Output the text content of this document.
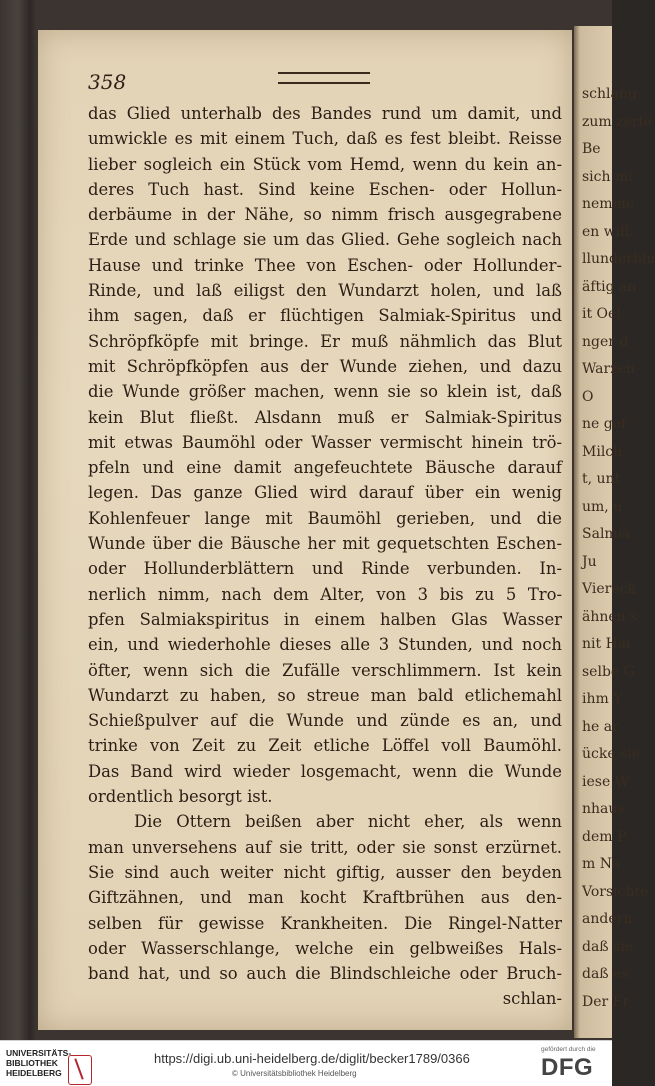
358
das Glied unterhalb des Bandes rund um damit, und
umwickle es mit einem Tuch, daß es fest bleibt. Reisse
lieber sogleich ein Stück vom Hemd, wenn du kein an-
deres Tuch hast. Sind keine Eschen- oder Hollun-
derbäume in der Nähe, so nimm frisch ausgegrabene
Erde und schlage sie um das Glied. Gehe sogleich nach
Hause und trinke Thee von Eschen- oder Hollunder-
Rinde, und laß eiligst den Wundarzt holen, und laß
ihm sagen, daß er flüchtigen Salmiak-Spiritus und
Schröpfköpfe mit bringe. Er muß nähmlich das Blut
mit Schröpfköpfen aus der Wunde ziehen, und dazu
die Wunde größer machen, wenn sie so klein ist, daß
kein Blut fließt. Alsdann muß er Salmiak-Spiritus
mit etwas Baumöhl oder Wasser vermischt hinein trö-
pfeln und eine damit angefeuchtete Bäusche darauf
legen. Das ganze Glied wird darauf über ein wenig
Kohlenfeuer lange mit Baumöhl gerieben, und die
Wunde über die Bäusche her mit gequetschten Eschen-
oder Hollunderblättern und Rinde verbunden. In-
nerlich nimm, nach dem Alter, von 3 bis zu 5 Tro-
pfen Salmiakspiritus in einem halben Glas Wasser
ein, und wiederhohle dieses alle 3 Stunden, und noch
öfter, wenn sich die Zufälle verschlimmern. Ist kein
Wundarzt zu haben, so streue man bald etlichemahl
Schießpulver auf die Wunde und zünde es an, und
trinke von Zeit zu Zeit etliche Löffel voll Baumöhl.
Das Band wird wieder losgemacht, wenn die Wunde
ordentlich besorgt ist.
Die Ottern beißen aber nicht eher, als wenn
man unversehens auf sie tritt, oder sie sonst erzürnet.
Sie sind auch weiter nicht giftig, ausser den beyden
Giftzähnen, und man kocht Kraftbrühen aus den-
selben für gewisse Krankheiten. Die Ringel-Natter
oder Wasserschlange, welche ein gelbweißes Hals-
band hat, und so auch die Blindschleiche oder Bruch-
schlan-
schlang
zum zerle
Be
sich mi
nemme
en will.
llunderblu
äftig an
it Oel
nger d
Warzen
O
ne gef
Milch.
t, unt
um, u
Salmia
Ju
Viereck
ähnen s
nit Hai
selbe G
ihm Y
he ar
ücke sie
iese W
nhaus
dem P
m Na
Vorsichte
andern
daß sie
daß es
Der Fr
UNIVERSITÄTS-
BIBLIOTHEK
HEIDELBERG
https://digi.ub.uni-heidelberg.de/diglit/becker1789/0366
© Universitätsbibliothek Heidelberg
gefördert durch die
DFG
